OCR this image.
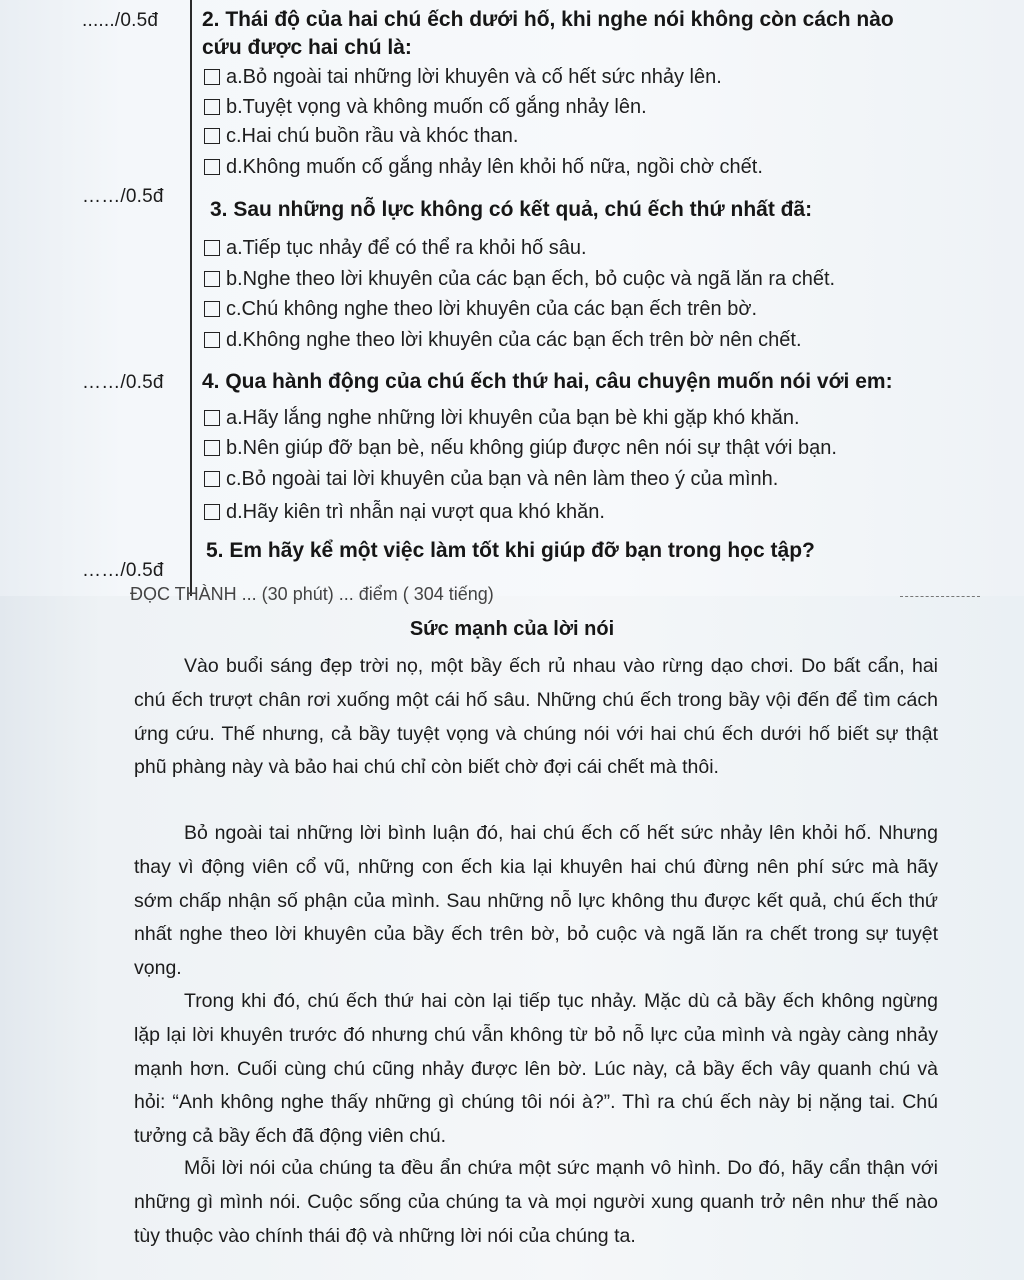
....../0.5đ 2. Thái độ của hai chú ếch dưới hố, khi nghe nói không còn cách nào cứu được hai chú là:
a.Bỏ ngoài tai những lời khuyên và cố hết sức nhảy lên.
b.Tuyệt vọng và không muốn cố gắng nhảy lên.
c.Hai chú buồn rầu và khóc than.
d.Không muốn cố gắng nhảy lên khỏi hố nữa, ngồi chờ chết.
……/0.5đ
3. Sau những nỗ lực không có kết quả, chú ếch thứ nhất đã:
a.Tiếp tục nhảy để có thể ra khỏi hố sâu.
b.Nghe theo lời khuyên của các bạn ếch, bỏ cuộc và ngã lăn ra chết.
c.Chú không nghe theo lời khuyên của các bạn ếch trên bờ.
d.Không nghe theo lời khuyên của các bạn ếch trên bờ nên chết.
……/0.5đ 4. Qua hành động của chú ếch thứ hai, câu chuyện muốn nói với em:
a.Hãy lắng nghe những lời khuyên của bạn bè khi gặp khó khăn.
b.Nên giúp đỡ bạn bè, nếu không giúp được nên nói sự thật với bạn.
c.Bỏ ngoài tai lời khuyên của bạn và nên làm theo ý của mình.
d.Hãy kiên trì nhẫn nại vượt qua khó khăn.
5. Em hãy kể một việc làm tốt khi giúp đỡ bạn trong học tập?
……/0.5đ
ĐỌC THÀNH ... (30 phút) ... điểm ( 304 tiếng)
Sức mạnh của lời nói

Vào buổi sáng đẹp trời nọ, một bầy ếch rủ nhau vào rừng dạo chơi. Do bất cẩn, hai chú ếch trượt chân rơi xuống một cái hố sâu. Những chú ếch trong bầy vội đến để tìm cách ứng cứu. Thế nhưng, cả bầy tuyệt vọng và chúng nói với hai chú ếch dưới hố biết sự thật phũ phàng này và bảo hai chú chỉ còn biết chờ đợi cái chết mà thôi.

Bỏ ngoài tai những lời bình luận đó, hai chú ếch cố hết sức nhảy lên khỏi hố. Nhưng thay vì động viên cổ vũ, những con ếch kia lại khuyên hai chú đừng nên phí sức mà hãy sớm chấp nhận số phận của mình. Sau những nỗ lực không thu được kết quả, chú ếch thứ nhất nghe theo lời khuyên của bầy ếch trên bờ, bỏ cuộc và ngã lăn ra chết trong sự tuyệt vọng.

Trong khi đó, chú ếch thứ hai còn lại tiếp tục nhảy. Mặc dù cả bầy ếch không ngừng lặp lại lời khuyên trước đó nhưng chú vẫn không từ bỏ nỗ lực của mình và ngày càng nhảy mạnh hơn. Cuối cùng chú cũng nhảy được lên bờ. Lúc này, cả bầy ếch vây quanh chú và hỏi: “Anh không nghe thấy những gì chúng tôi nói à?”. Thì ra chú ếch này bị nặng tai. Chú tưởng cả bầy ếch đã động viên chú.

Mỗi lời nói của chúng ta đều ẩn chứa một sức mạnh vô hình. Do đó, hãy cẩn thận với những gì mình nói. Cuộc sống của chúng ta và mọi người xung quanh trở nên như thế nào tùy thuộc vào chính thái độ và những lời nói của chúng ta.
